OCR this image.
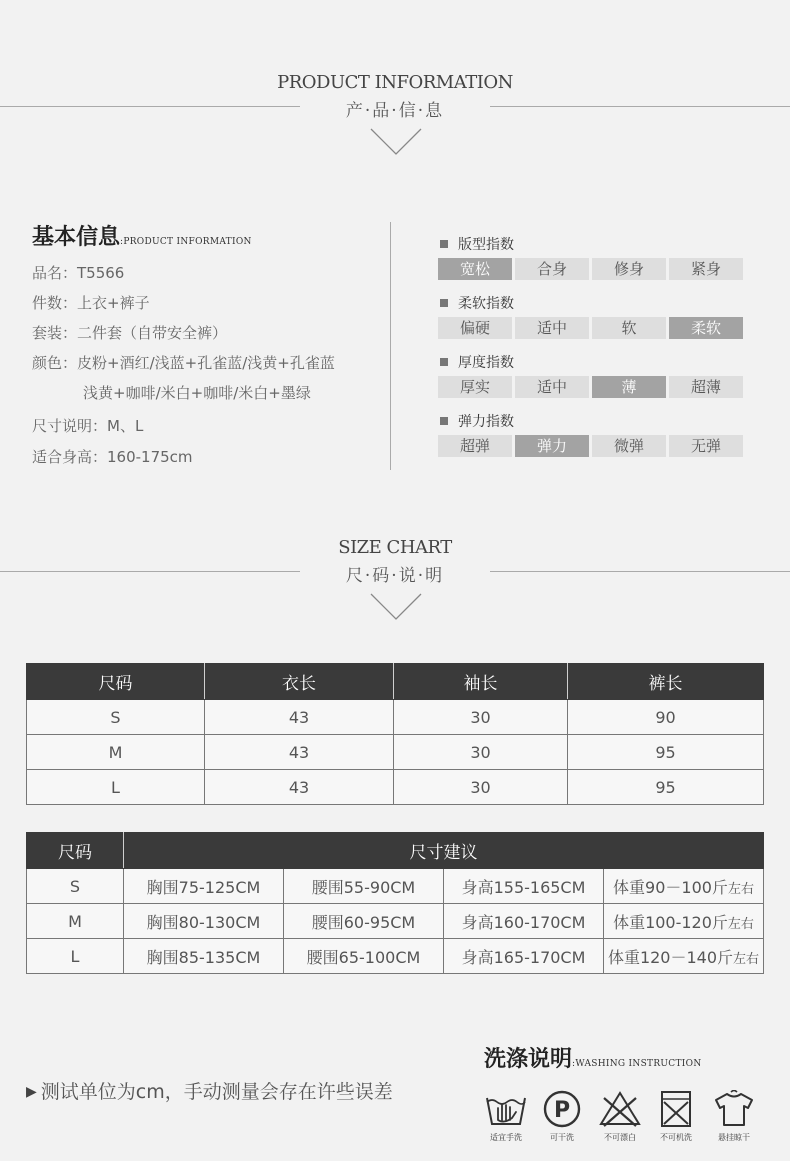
PRODUCT INFORMATION
产·品·信·息
基本信息:PRODUCT INFORMATION
品名：T5566
件数：上衣+裤子
套装：二件套（自带安全裤）
颜色：皮粉+酒红/浅蓝+孔雀蓝/浅黄+孔雀蓝
浅黄+咖啡/米白+咖啡/米白+墨绿
尺寸说明：M、L
适合身高：160-175cm
版型指数
宽松	合身	修身	紧身
柔软指数
偏硬	适中	软	柔软
厚度指数
厚实	适中	薄	超薄
弹力指数
超弹	弹力	微弹	无弹
SIZE CHART
尺·码·说·明
尺码	衣长	袖长	裤长
S	43	30	90
M	43	30	95
L	43	30	95
尺码	尺寸建议			
S	胸围75-125CM	腰围55-90CM	身高155-165CM	体重90－100斤左右
M	胸围80-130CM	腰围60-95CM	身高160-170CM	体重100-120斤左右
L	胸围85-135CM	腰围65-100CM	身高165-170CM	体重120－140斤左右
▶ 测试单位为cm，手动测量会存在许些误差
洗涤说明:WASHING INSTRUCTION
适宜手洗
P
可干洗	不可漂白	不可机洗	悬挂晾干
